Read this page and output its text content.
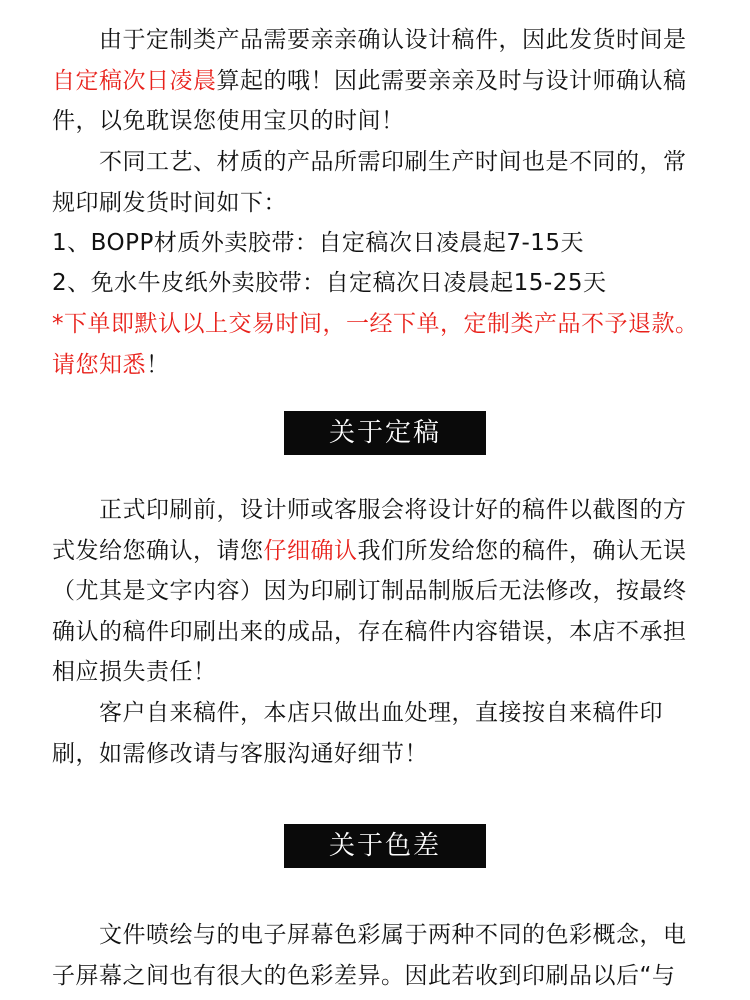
由于定制类产品需要亲亲确认设计稿件，因此发货时间是自定稿次日凌晨算起的哦！因此需要亲亲及时与设计师确认稿件，以免耽误您使用宝贝的时间！

不同工艺、材质的产品所需印刷生产时间也是不同的，常规印刷发货时间如下：

1、BOPP材质外卖胶带：自定稿次日凌晨起7-15天

2、免水牛皮纸外卖胶带：自定稿次日凌晨起15-25天

*下单即默认以上交易时间，一经下单，定制类产品不予退款。请您知悉！

关于定稿

正式印刷前，设计师或客服会将设计好的稿件以截图的方式发给您确认，请您仔细确认我们所发给您的稿件，确认无误（尤其是文字内容）因为印刷订制品制版后无法修改，按最终确认的稿件印刷出来的成品，存在稿件内容错误，本店不承担相应损失责任！

客户自来稿件，本店只做出血处理，直接按自来稿件印刷，如需修改请与客服沟通好细节！

关于色差

文件喷绘与的电子屏幕色彩属于两种不同的色彩概念，电子屏幕之间也有很大的色彩差异。因此若收到印刷品以后“与
